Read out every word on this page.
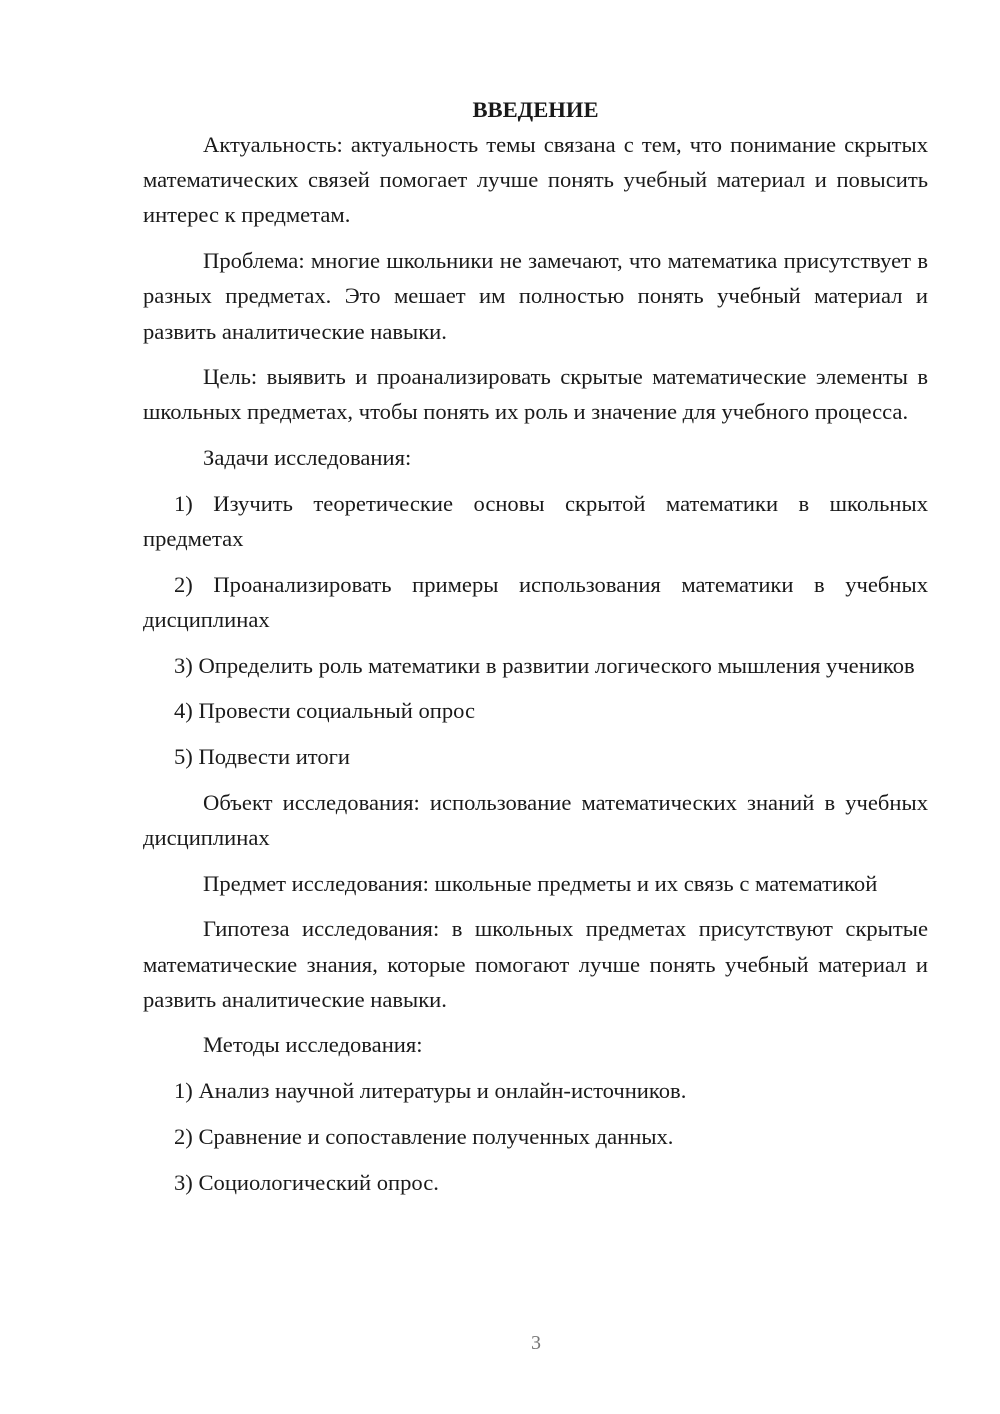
ВВЕДЕНИЕ

Актуальность: актуальность темы связана с тем, что понимание скрытых математических связей помогает лучше понять учебный материал и повысить интерес к предметам.

Проблема: многие школьники не замечают, что математика присутствует в разных предметах. Это мешает им полностью понять учебный материал и развить аналитические навыки.

Цель: выявить и проанализировать скрытые математические элементы в школьных предметах, чтобы понять их роль и значение для учебного процесса.

Задачи исследования:

1) Изучить теоретические основы скрытой математики в школьных предметах

2) Проанализировать примеры использования математики в учебных дисциплинах

3) Определить роль математики в развитии логического мышления учеников

4) Провести социальный опрос

5) Подвести итоги

Объект исследования: использование математических знаний в учебных дисциплинах

Предмет исследования: школьные предметы и их связь с математикой

Гипотеза исследования: в школьных предметах присутствуют скрытые математические знания, которые помогают лучше понять учебный материал и развить аналитические навыки.

Методы исследования:

1) Анализ научной литературы и онлайн-источников.

2) Сравнение и сопоставление полученных данных.

3) Социологический опрос.

3
